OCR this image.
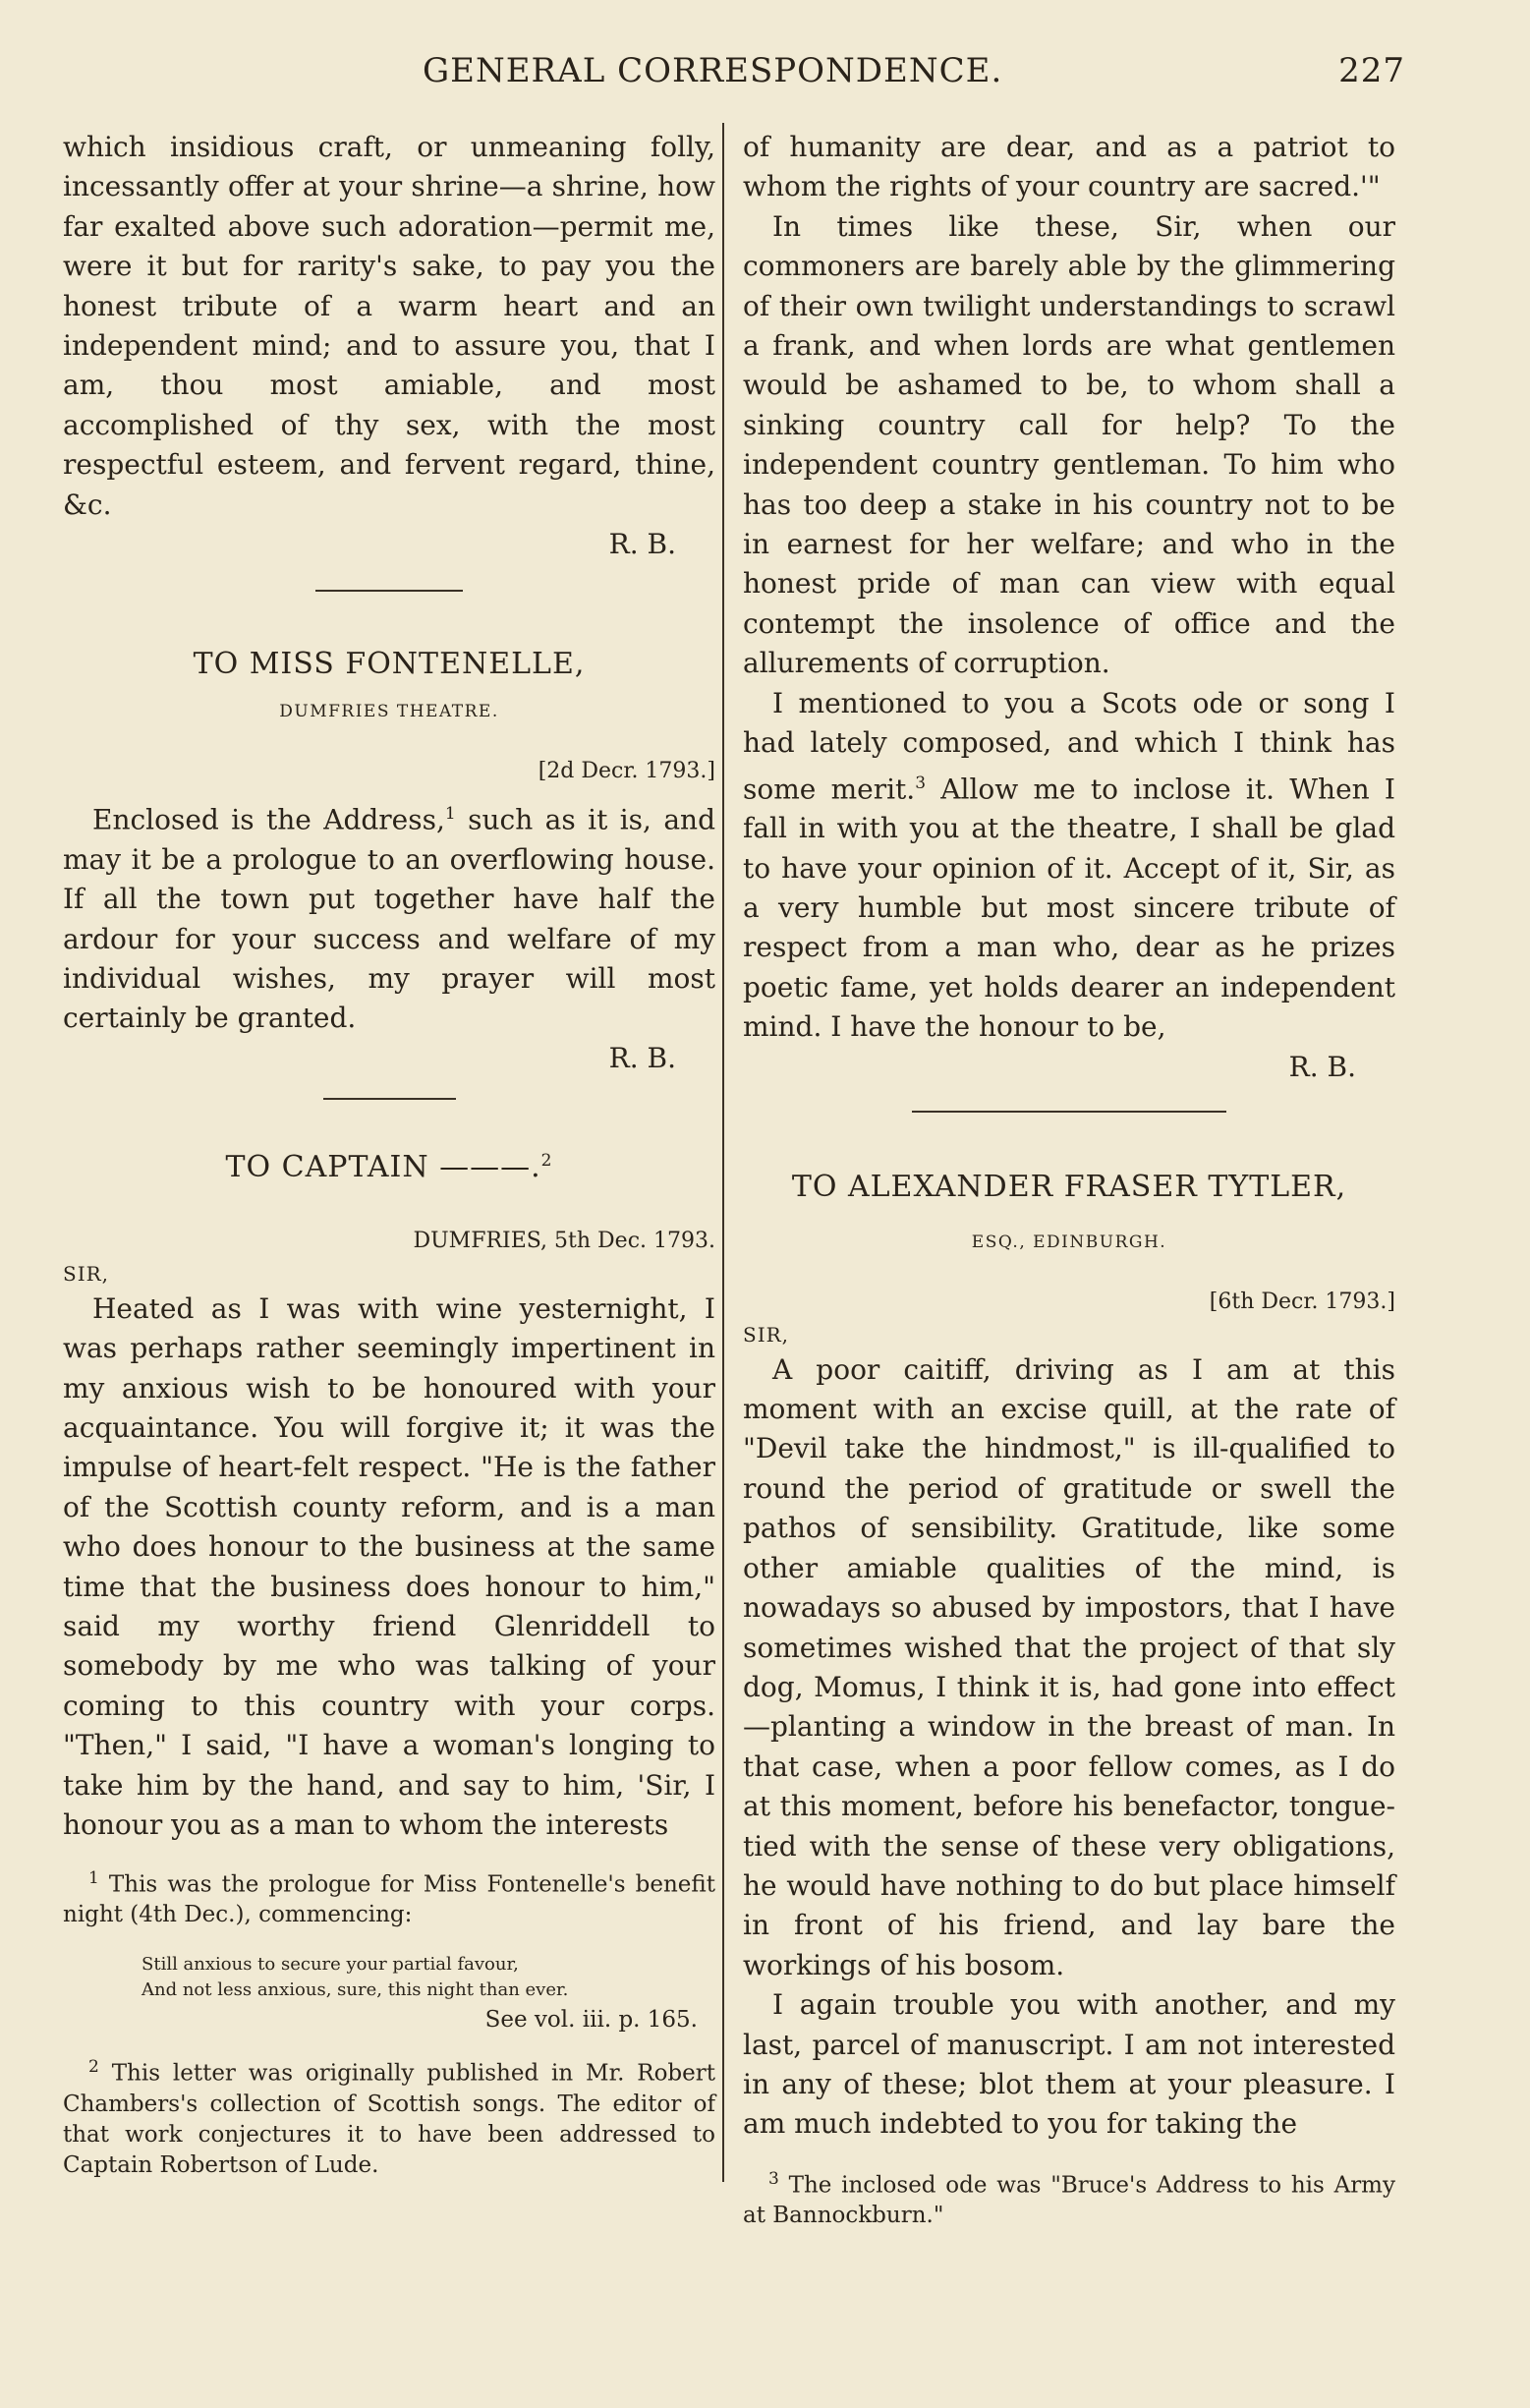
GENERAL CORRESPONDENCE.	227

which insidious craft, or unmeaning folly, incessantly offer at your shrine—a shrine, how far exalted above such adoration—permit me, were it but for rarity's sake, to pay you the honest tribute of a warm heart and an independent mind; and to assure you, that I am, thou most amiable, and most accomplished of thy sex, with the most respectful esteem, and fervent regard, thine, &c.

R. B.
TO MISS FONTENELLE,
DUMFRIES THEATRE.
[2d Decr. 1793.]

Enclosed is the Address,$^1$ such as it is, and may it be a prologue to an overflowing house. If all the town put together have half the ardour for your success and welfare of my individual wishes, my prayer will most certainly be granted.

R. B.
TO CAPTAIN ———.$^2$
DUMFRIES, 5th Dec. 1793.
SIR,

Heated as I was with wine yesternight, I was perhaps rather seemingly impertinent in my anxious wish to be honoured with your acquaintance. You will forgive it; it was the impulse of heart-felt respect. "He is the father of the Scottish county reform, and is a man who does honour to the business at the same time that the business does honour to him," said my worthy friend Glenriddell to somebody by me who was talking of your coming to this country with your corps. "Then," I said, "I have a woman's longing to take him by the hand, and say to him, 'Sir, I honour you as a man to whom the interests

$^1$ This was the prologue for Miss Fontenelle's benefit night (4th Dec.), commencing:

Still anxious to secure your partial favour,
And not less anxious, sure, this night than ever.
See vol. iii. p. 165.

$^2$ This letter was originally published in Mr. Robert Chambers's collection of Scottish songs. The editor of that work conjectures it to have been addressed to Captain Robertson of Lude.

of humanity are dear, and as a patriot to whom the rights of your country are sacred.'"

In times like these, Sir, when our commoners are barely able by the glimmering of their own twilight understandings to scrawl a frank, and when lords are what gentlemen would be ashamed to be, to whom shall a sinking country call for help? To the independent country gentleman. To him who has too deep a stake in his country not to be in earnest for her welfare; and who in the honest pride of man can view with equal contempt the insolence of office and the allurements of corruption.

I mentioned to you a Scots ode or song I had lately composed, and which I think has some merit.$^3$ Allow me to inclose it. When I fall in with you at the theatre, I shall be glad to have your opinion of it. Accept of it, Sir, as a very humble but most sincere tribute of respect from a man who, dear as he prizes poetic fame, yet holds dearer an independent mind. I have the honour to be,

R. B.
TO ALEXANDER FRASER TYTLER,
ESQ., EDINBURGH.
[6th Decr. 1793.]
SIR,

A poor caitiff, driving as I am at this moment with an excise quill, at the rate of "Devil take the hindmost," is ill-qualified to round the period of gratitude or swell the pathos of sensibility. Gratitude, like some other amiable qualities of the mind, is nowadays so abused by impostors, that I have sometimes wished that the project of that sly dog, Momus, I think it is, had gone into effect—planting a window in the breast of man. In that case, when a poor fellow comes, as I do at this moment, before his benefactor, tongue-tied with the sense of these very obligations, he would have nothing to do but place himself in front of his friend, and lay bare the workings of his bosom.

I again trouble you with another, and my last, parcel of manuscript. I am not interested in any of these; blot them at your pleasure. I am much indebted to you for taking the

$^3$ The inclosed ode was "Bruce's Address to his Army at Bannockburn."
